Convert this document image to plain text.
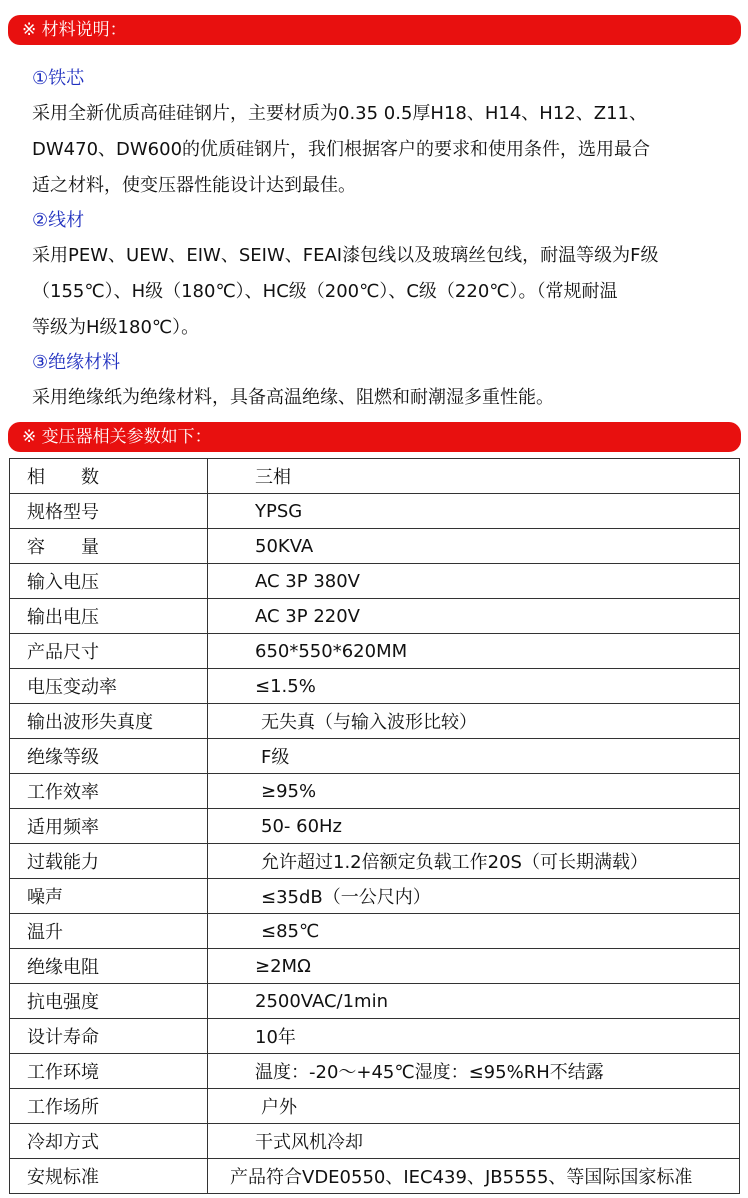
※ 材料说明：

①铁芯

采用全新优质高硅硅钢片，主要材质为0.35 0.5厚H18、H14、H12、Z11、

DW470、DW600的优质硅钢片，我们根据客户的要求和使用条件，选用最合

适之材料，使变压器性能设计达到最佳。

②线材

采用PEW、UEW、EIW、SEIW、FEAI漆包线以及玻璃丝包线，耐温等级为F级

（155℃）、H级（180℃）、HC级（200℃）、C级（220℃）。（常规耐温

等级为H级180℃）。

③绝缘材料

采用绝缘纸为绝缘材料，具备高温绝缘、阻燃和耐潮湿多重性能。

※ 变压器相关参数如下：
相　　数	三相
规格型号	YPSG
容　　量	50KVA
输入电压	AC 3P 380V
输出电压	AC 3P 220V
产品尺寸	650*550*620MM
电压变动率	≤1.5%
输出波形失真度	无失真（与输入波形比较）
绝缘等级	F级
工作效率	≥95%
适用频率	50- 60Hz
过载能力	允许超过1.2倍额定负载工作20S（可长期满载）
噪声	≤35dB（一公尺内）
温升	≤85℃
绝缘电阻	≥2MΩ
抗电强度	2500VAC/1min
设计寿命	10年
工作环境	温度：-20～+45℃湿度：≤95%RH不结露
工作场所	户外
冷却方式	干式风机冷却
安规标准	产品符合VDE0550、IEC439、JB5555、等国际国家标准
